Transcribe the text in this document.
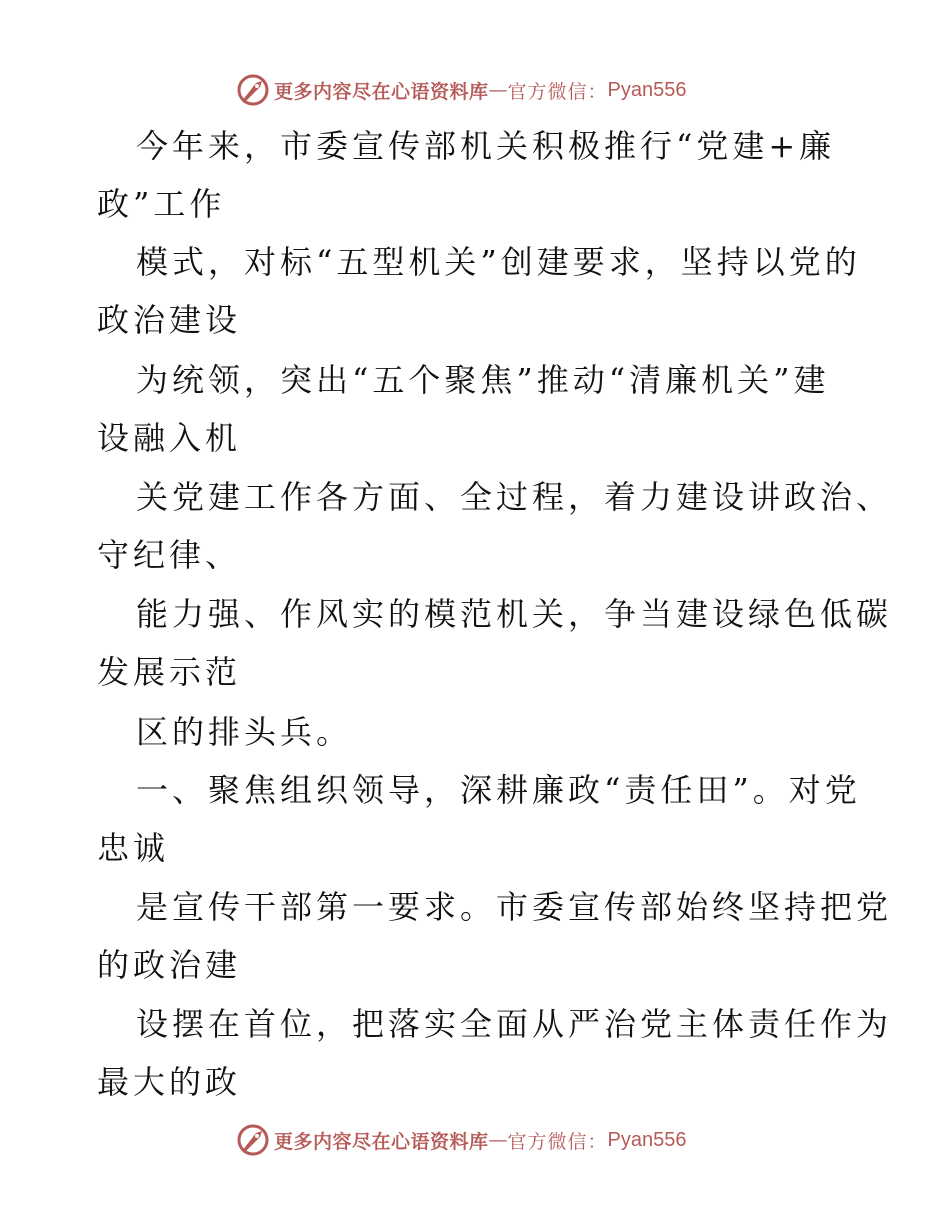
更多内容尽在心语资料库 — 官方微信： Pyan556
今年来，市委宣传部机关积极推行“党建+廉
政”工作
模式，对标“五型机关”创建要求，坚持以党的
政治建设
为统领，突出“五个聚焦”推动“清廉机关”建
设融入机
关党建工作各方面、全过程，着力建设讲政治、
守纪律、
能力强、作风实的模范机关，争当建设绿色低碳
发展示范
区的排头兵。
一、聚焦组织领导，深耕廉政“责任田”。对党
忠诚
是宣传干部第一要求。市委宣传部始终坚持把党
的政治建
设摆在首位，把落实全面从严治党主体责任作为
最大的政
更多内容尽在心语资料库 — 官方微信： Pyan556
